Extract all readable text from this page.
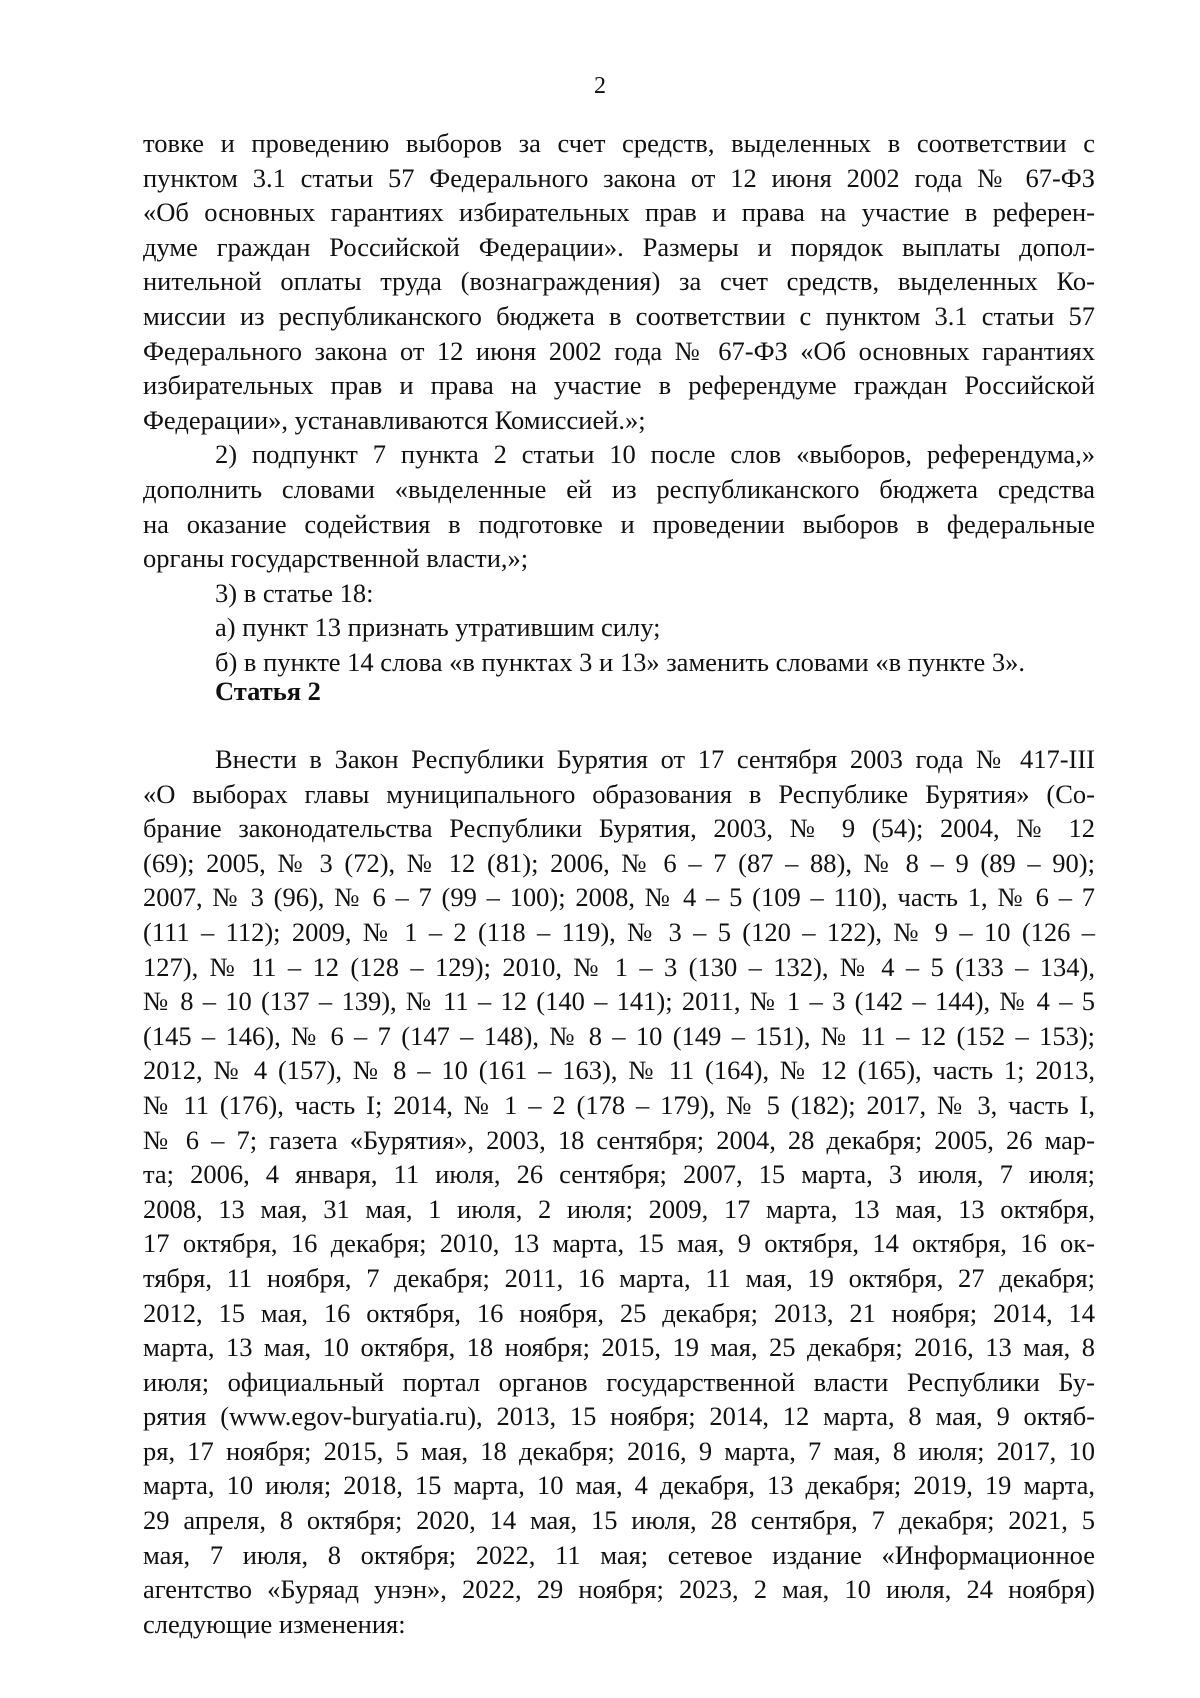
2
товке и проведению выборов за счет средств, выделенных в соответствии с
пунктом 3.1 статьи 57 Федерального закона от 12 июня 2002 года № 67-ФЗ
«Об основных гарантиях избирательных прав и права на участие в референ-
думе граждан Российской Федерации». Размеры и порядок выплаты допол-
нительной оплаты труда (вознаграждения) за счет средств, выделенных Ко-
миссии из республиканского бюджета в соответствии с пунктом 3.1 статьи 57
Федерального закона от 12 июня 2002 года № 67-ФЗ «Об основных гарантиях
избирательных прав и права на участие в референдуме граждан Российской
Федерации», устанавливаются Комиссией.»;
2) подпункт 7 пункта 2 статьи 10 после слов «выборов, референдума,»
дополнить словами «выделенные ей из республиканского бюджета средства
на оказание содействия в подготовке и проведении выборов в федеральные
органы государственной власти,»;
3) в статье 18:
а) пункт 13 признать утратившим силу;
б) в пункте 14 слова «в пунктах 3 и 13» заменить словами «в пункте 3».
Статья 2
Внести в Закон Республики Бурятия от 17 сентября 2003 года № 417-III
«О выборах главы муниципального образования в Республике Бурятия» (Со-
брание законодательства Республики Бурятия, 2003, № 9 (54); 2004, № 12
(69); 2005, № 3 (72), № 12 (81); 2006, № 6 – 7 (87 – 88), № 8 – 9 (89 – 90);
2007, № 3 (96), № 6 – 7 (99 – 100); 2008, № 4 – 5 (109 – 110), часть 1, № 6 – 7
(111 – 112); 2009, № 1 – 2 (118 – 119), № 3 – 5 (120 – 122), № 9 – 10 (126 –
127), № 11 – 12 (128 – 129); 2010, № 1 – 3 (130 – 132), № 4 – 5 (133 – 134),
№ 8 – 10 (137 – 139), № 11 – 12 (140 – 141); 2011, № 1 – 3 (142 – 144), № 4 – 5
(145 – 146), № 6 – 7 (147 – 148), № 8 – 10 (149 – 151), № 11 – 12 (152 – 153);
2012, № 4 (157), № 8 – 10 (161 – 163), № 11 (164), № 12 (165), часть 1; 2013,
№ 11 (176), часть I; 2014, № 1 – 2 (178 – 179), № 5 (182); 2017, № 3, часть I,
№ 6 – 7; газета «Бурятия», 2003, 18 сентября; 2004, 28 декабря; 2005, 26 мар-
та; 2006, 4 января, 11 июля, 26 сентября; 2007, 15 марта, 3 июля, 7 июля;
2008, 13 мая, 31 мая, 1 июля, 2 июля; 2009, 17 марта, 13 мая, 13 октября,
17 октября, 16 декабря; 2010, 13 марта, 15 мая, 9 октября, 14 октября, 16 ок-
тября, 11 ноября, 7 декабря; 2011, 16 марта, 11 мая, 19 октября, 27 декабря;
2012, 15 мая, 16 октября, 16 ноября, 25 декабря; 2013, 21 ноября; 2014, 14
марта, 13 мая, 10 октября, 18 ноября; 2015, 19 мая, 25 декабря; 2016, 13 мая, 8
июля; официальный портал органов государственной власти Республики Бу-
рятия (www.egov-buryatia.ru), 2013, 15 ноября; 2014, 12 марта, 8 мая, 9 октяб-
ря, 17 ноября; 2015, 5 мая, 18 декабря; 2016, 9 марта, 7 мая, 8 июля; 2017, 10
марта, 10 июля; 2018, 15 марта, 10 мая, 4 декабря, 13 декабря; 2019, 19 марта,
29 апреля, 8 октября; 2020, 14 мая, 15 июля, 28 сентября, 7 декабря; 2021, 5
мая, 7 июля, 8 октября; 2022, 11 мая; сетевое издание «Информационное
агентство «Буряад унэн», 2022, 29 ноября; 2023, 2 мая, 10 июля, 24 ноября)
следующие изменения:
